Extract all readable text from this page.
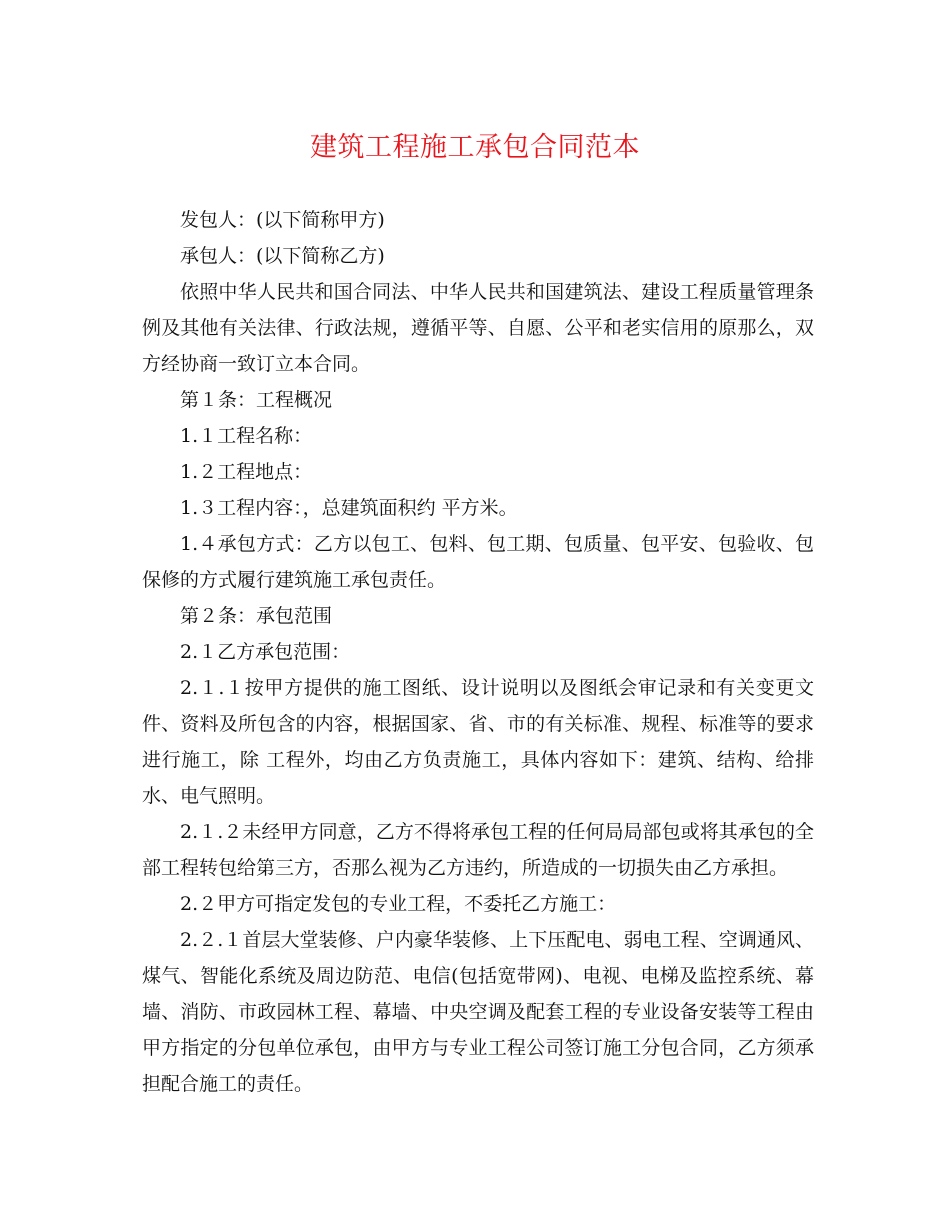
建筑工程施工承包合同范本

发包人：(以下简称甲方)

承包人：(以下简称乙方)

依照中华人民共和国合同法、中华人民共和国建筑法、建设工程质量管理条例及其他有关法律、行政法规，遵循平等、自愿、公平和老实信用的原那么，双方经协商一致订立本合同。

第１条：工程概况

1.１工程名称：

1.２工程地点：

1.３工程内容：，总建筑面积约 平方米。

1.４承包方式：乙方以包工、包料、包工期、包质量、包平安、包验收、包保修的方式履行建筑施工承包责任。

第２条：承包范围

2.１乙方承包范围：

2.１.１按甲方提供的施工图纸、设计说明以及图纸会审记录和有关变更文件、资料及所包含的内容，根据国家、省、市的有关标准、规程、标准等的要求进行施工，除 工程外，均由乙方负责施工，具体内容如下：建筑、结构、给排水、电气照明。

2.１.２未经甲方同意，乙方不得将承包工程的任何局局部包或将其承包的全部工程转包给第三方，否那么视为乙方违约，所造成的一切损失由乙方承担。

2.２甲方可指定发包的专业工程，不委托乙方施工：

2.２.１首层大堂装修、户内豪华装修、上下压配电、弱电工程、空调通风、煤气、智能化系统及周边防范、电信(包括宽带网)、电视、电梯及监控系统、幕墙、消防、市政园林工程、幕墙、中央空调及配套工程的专业设备安装等工程由甲方指定的分包单位承包，由甲方与专业工程公司签订施工分包合同，乙方须承担配合施工的责任。
